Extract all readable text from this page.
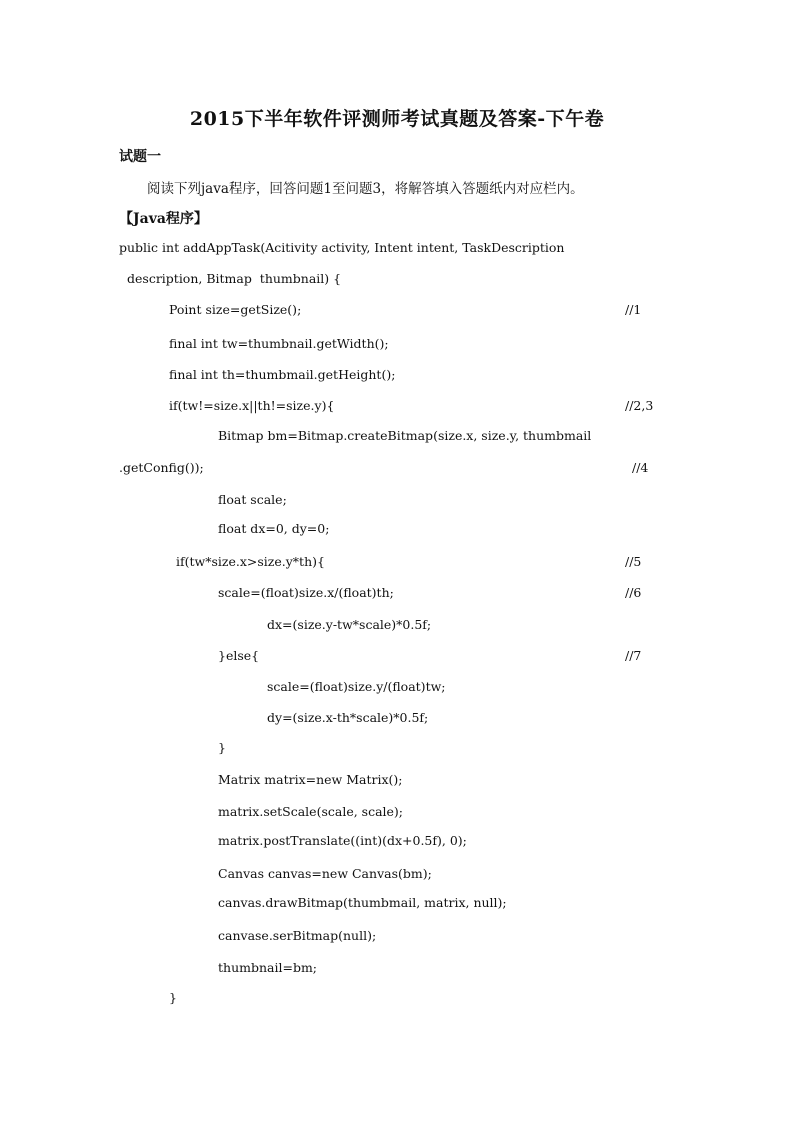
2015下半年软件评测师考试真题及答案-下午卷
试题一
阅读下列java程序，回答问题1至问题3，将解答填入答题纸内对应栏内。
【Java程序】
public int addAppTask(Acitivity activity, Intent intent, TaskDescription
description, Bitmap  thumbnail) {
Point size=getSize();	//1
final int tw=thumbnail.getWidth();
final int th=thumbmail.getHeight();
if(tw!=size.x||th!=size.y){	//2,3
Bitmap bm=Bitmap.createBitmap(size.x, size.y, thumbmail
.getConfig());	//4
float scale;
float dx=0, dy=0;
if(tw*size.x>size.y*th){	//5
scale=(float)size.x/(float)th;	//6
dx=(size.y-tw*scale)*0.5f;
}else{	//7
scale=(float)size.y/(float)tw;
dy=(size.x-th*scale)*0.5f;
}
Matrix matrix=new Matrix();
matrix.setScale(scale, scale);
matrix.postTranslate((int)(dx+0.5f), 0);
Canvas canvas=new Canvas(bm);
canvas.drawBitmap(thumbmail, matrix, null);
canvase.serBitmap(null);
thumbnail=bm;
}
